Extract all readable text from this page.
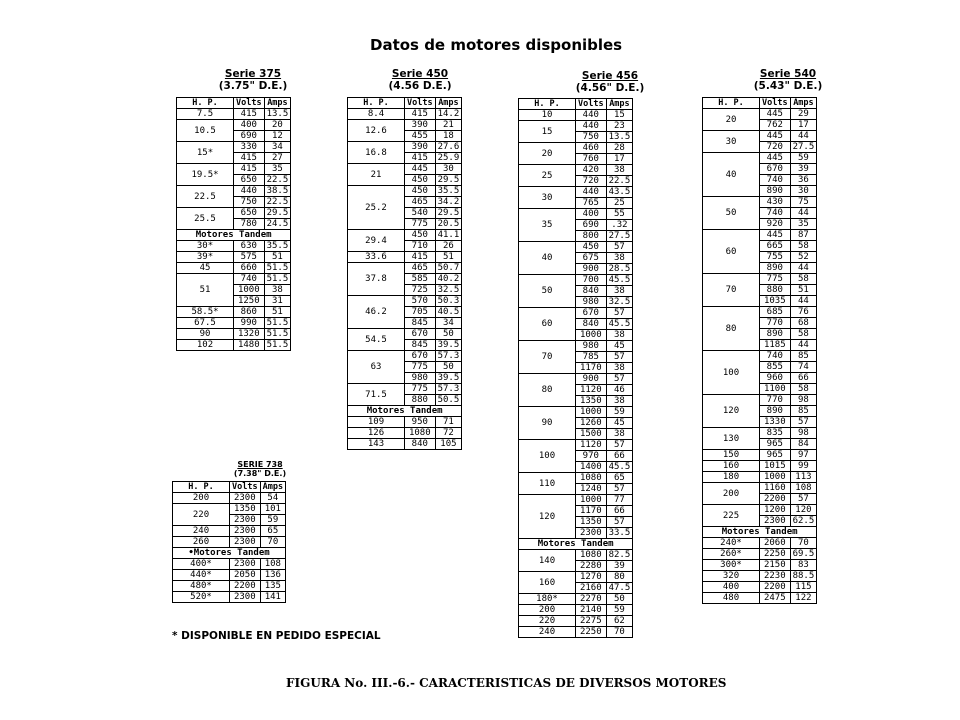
Datos de motores disponibles
Serie 375
(3.75" D.E.)
H. P.	Volts	Amps
7.5	415	13.5
10.5	400	20
	690	12
15*	330	34
	415	27
19.5*	415	35
	650	22.5
22.5	440	38.5
	750	22.5
25.5	650	29.5
	780	24.5
Motores Tandem		
30*	630	35.5
39*	575	51
45	660	51.5
51	740	51.5
	1000	38
	1250	31
58.5*	860	51
67.5	990	51.5
90	1320	51.5
102	1480	51.5
Serie 450
(4.56 D.E.)
H. P.	Volts	Amps
8.4	415	14.2
12.6	390	21
	455	18
16.8	390	27.6
	415	25.9
21	445	30
	450	29.5
25.2	450	35.5
	465	34.2
	540	29.5
	775	20.5
29.4	450	41.1
	710	26
33.6	415	51
37.8	465	50.7
	585	40.2
	725	32.5
46.2	570	50.3
	705	40.5
	845	34
54.5	670	50
	845	39.5
63	670	57.3
	775	50
	980	39.5
71.5	775	57.3
	880	50.5
Motores Tandem		
109	950	71
126	1080	72
143	840	105
Serie 456
(4.56" D.E.)
H. P.	Volts	Amps
10	440	15
15	440	23
	750	13.5
20	460	28
	760	17
25	420	38
	720	22.5
30	440	43.5
	765	25
35	400	55
	690	.32
	800	27.5
40	450	57
	675	38
	900	28.5
50	700	45.5
	840	38
	980	32.5
60	670	57
	840	45.5
	1000	38
70	980	45
	785	57
	1170	38
80	900	57
	1120	46
	1350	38
90	1000	59
	1260	45
	1500	38
100	1120	57
	970	66
	1400	45.5
110	1080	65
	1240	57
120	1000	77
	1170	66
	1350	57
	2300	33.5
Motores Tandem		
140	1080	82.5
	2280	39
160	1270	80
	2160	47.5
180*	2270	50
200	2140	59
220	2275	62
240	2250	70
Serie 540
(5.43" D.E.)
H. P.	Volts	Amps
20	445	29
	762	17
30	445	44
	720	27.5
40	445	59
	670	39
	740	36
	890	30
50	430	75
	740	44
	920	35
60	445	87
	665	58
	755	52
	890	44
70	775	58
	880	51
	1035	44
80	685	76
	770	68
	890	58
	1185	44
100	740	85
	855	74
	960	66
	1100	58
120	770	98
	890	85
	1330	57
130	835	98
	965	84
150	965	97
160	1015	99
180	1000	113
200	1160	108
	2200	57
225	1200	120
	2300	62.5
Motores Tandem		
240*	2060	70
260*	2250	69.5
300*	2150	83
320	2230	88.5
400	2200	115
480	2475	122
SERIE 738
(7.38" D.E.)
H. P.	Volts	Amps
200	2300	54
220	1350	101
	2300	59
240	2300	65
260	2300	70
•Motores Tandem		
400*	2300	108
440*	2050	136
480*	2200	135
520*	2300	141
* DISPONIBLE EN PEDIDO ESPECIAL
FIGURA No. III.-6.- CARACTERISTICAS DE DIVERSOS MOTORES
